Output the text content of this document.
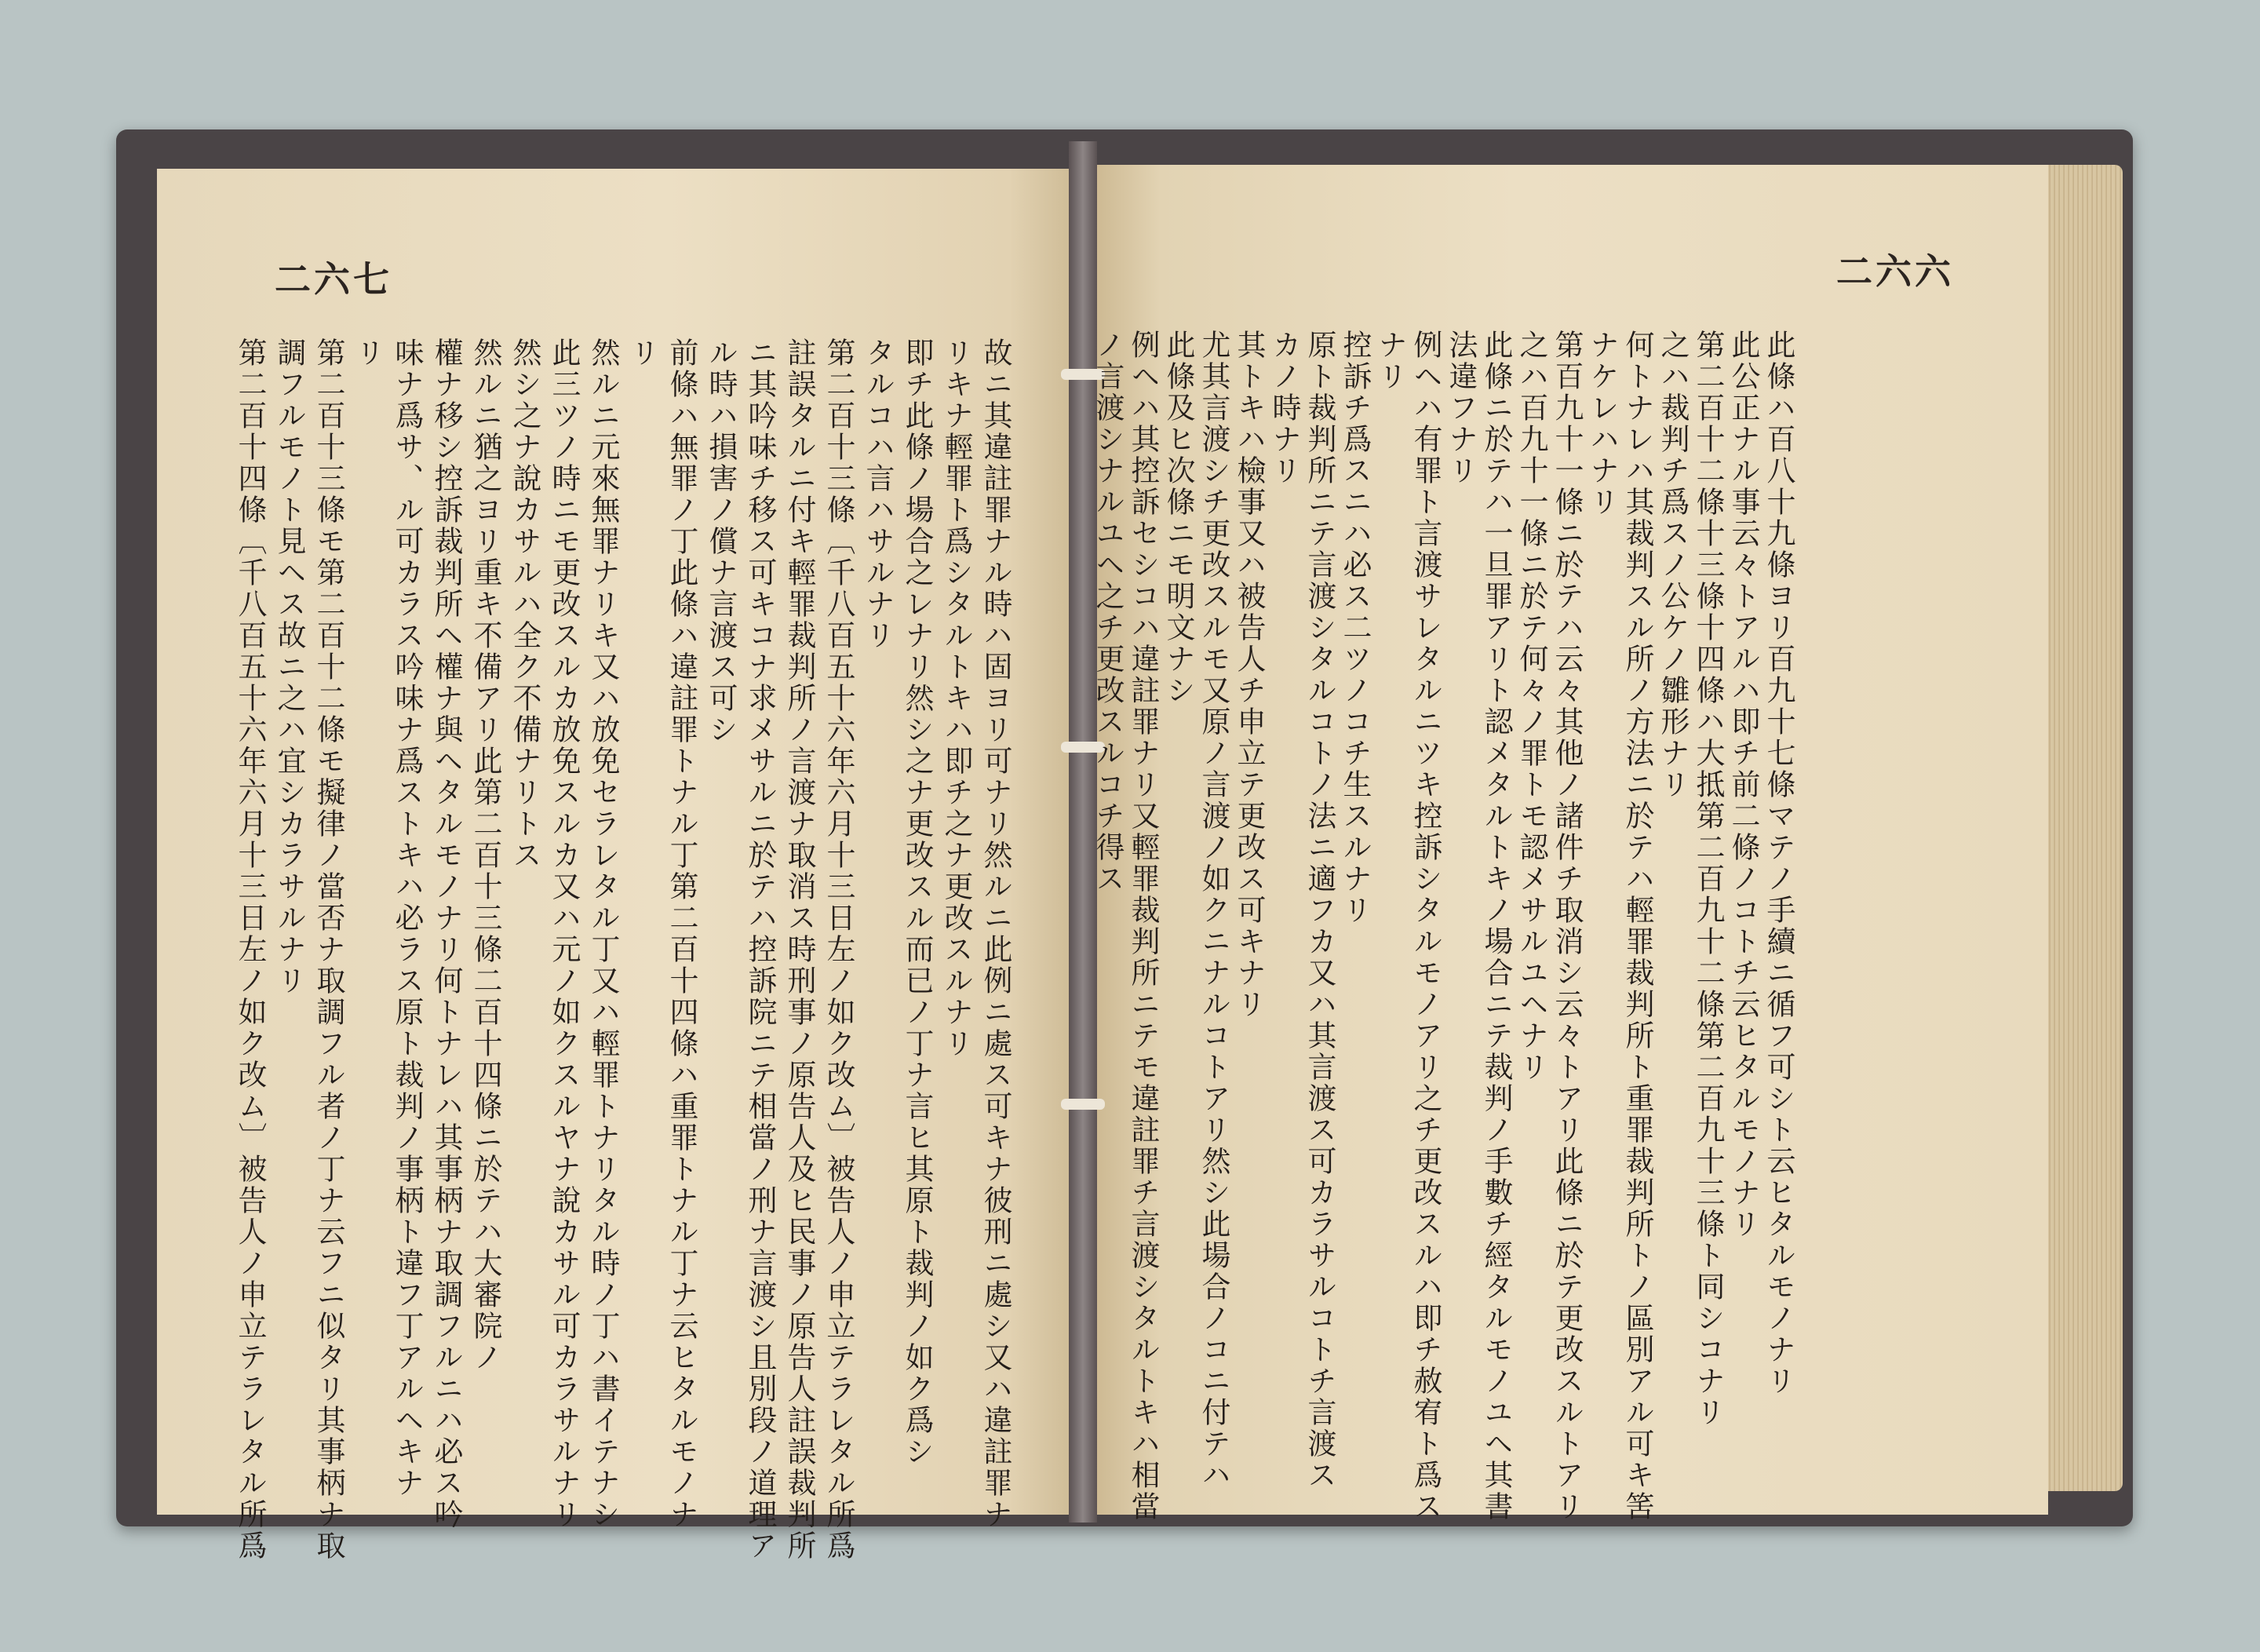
二六七	二六六
故ニ其違註罪ナル時ハ固ヨリ可ナリ然ルニ此例ニ處ス可キナ彼刑ニ處シ又ハ違註罪ナ
リキナ輕罪ト爲シタルトキハ即チ之ナ更改スルナリ
即チ此條ノ場合之レナリ然シ之ナ更改スル而已ノ丁ナ言ヒ其原ト裁判ノ如ク爲シ
タルコハ言ハサルナリ
第二百十三條〔千八百五十六年六月十三日左ノ如ク改ム〕被告人ノ申立テラレタル所爲
註誤タルニ付キ輕罪裁判所ノ言渡ナ取消ス時刑事ノ原告人及ヒ民事ノ原告人註誤裁判所
ニ其吟味チ移ス可キコナ求メサルニ於テハ控訴院ニテ相當ノ刑ナ言渡シ且別段ノ道理ア
ル時ハ損害ノ償ナ言渡ス可シ
前條ハ無罪ノ丁此條ハ違註罪トナル丁第二百十四條ハ重罪トナル丁ナ云ヒタルモノナ
リ
然ルニ元來無罪ナリキ又ハ放免セラレタル丁又ハ輕罪トナリタル時ノ丁ハ書イテナシ
此三ツノ時ニモ更改スルカ放免スルカ又ハ元ノ如クスルヤナ說カサル可カラサルナリ
然シ之ナ說カサルハ全ク不備ナリトス
然ルニ猶之ヨリ重キ不備アリ此第二百十三條二百十四條ニ於テハ大審院ノ
權ナ移シ控訴裁判所ヘ權ナ與ヘタルモノナリ何トナレハ其事柄ナ取調フルニハ必ス吟
味ナ爲サ、ル可カラス吟味ナ爲ストキハ必ラス原ト裁判ノ事柄ト違フ丁アルヘキナ
リ
第二百十三條モ第二百十二條モ擬律ノ當否ナ取調フル者ノ丁ナ云フニ似タリ其事柄ナ取
調フルモノト見ヘス故ニ之ハ宜シカラサルナリ
第二百十四條〔千八百五十六年六月十三日左ノ如ク改ム〕被告人ノ申立テラレタル所爲	此條ハ百八十九條ヨリ百九十七條マテノ手續ニ循フ可シト云ヒタルモノナリ
此公正ナル事云々トアルハ即チ前二條ノコトチ云ヒタルモノナリ
第二百十二條十三條十四條ハ大抵第二百九十二條第二百九十三條ト同シコナリ
之ハ裁判チ爲スノ公ケノ雛形ナリ
何トナレハ其裁判スル所ノ方法ニ於テハ輕罪裁判所ト重罪裁判所トノ區別アル可キ筈
ナケレハナリ
第百九十一條ニ於テハ云々其他ノ諸件チ取消シ云々トアリ此條ニ於テ更改スルトアリ
之ハ百九十一條ニ於テ何々ノ罪トモ認メサルユヘナリ
此條ニ於テハ一旦罪アリト認メタルトキノ場合ニテ裁判ノ手數チ經タルモノユヘ其書
法違フナリ
例ヘハ有罪ト言渡サレタルニツキ控訴シタルモノアリ之チ更改スルハ即チ赦宥ト爲ス
ナリ
控訴チ爲スニハ必ス二ツノコチ生スルナリ
原ト裁判所ニテ言渡シタルコトノ法ニ適フカ又ハ其言渡ス可カラサルコトチ言渡ス
カノ時ナリ
其トキハ檢事又ハ被告人チ申立テ更改ス可キナリ
尤其言渡シチ更改スルモ又原ノ言渡ノ如クニナルコトアリ然シ此場合ノコニ付テハ
此條及ヒ次條ニモ明文ナシ
例ヘハ其控訴セシコハ違註罪ナリ又輕罪裁判所ニテモ違註罪チ言渡シタルトキハ相當
ノ言渡シナルユヘ之チ更改スルコチ得ス
